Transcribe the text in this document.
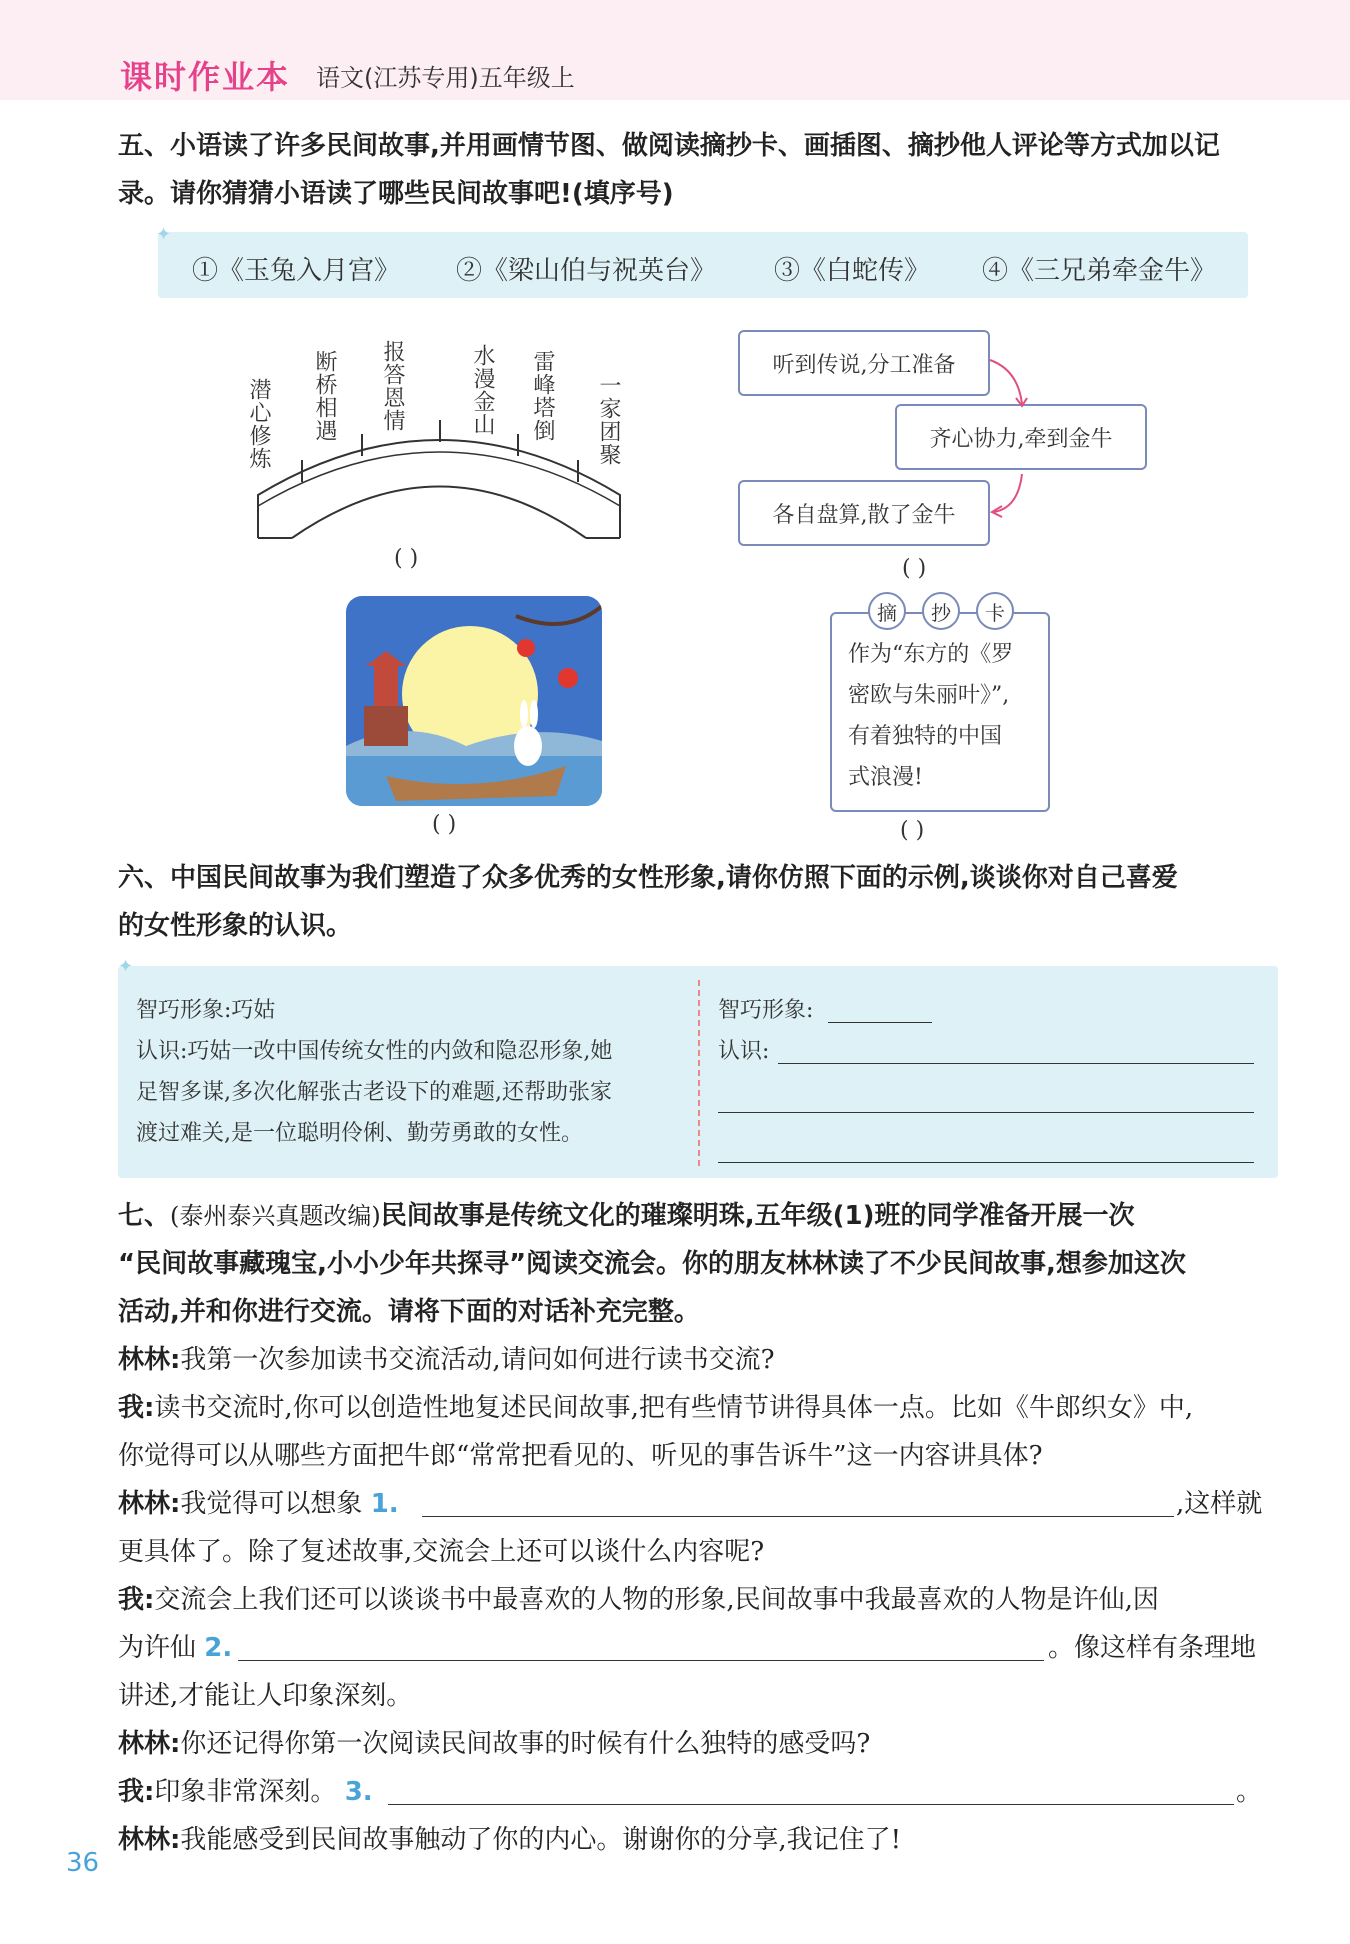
课时作业本 语文(江苏专用)五年级上
五、小语读了许多民间故事,并用画情节图、做阅读摘抄卡、画插图、摘抄他人评论等方式加以记
录。请你猜猜小语读了哪些民间故事吧!(填序号)
✦
①《玉兔入月宫》 ②《梁山伯与祝英台》 ③《白蛇传》 ④《三兄弟牵金牛》
潜心修炼 断桥相遇 报答恩情	水漫金山 雷峰塔倒 一家团聚
( )
听到传说,分工准备
齐心协力,牵到金牛
各自盘算,散了金牛
( )
( )
摘	抄	卡
作为“东方的《罗
密欧与朱丽叶》”,
有着独特的中国
式浪漫!
( )
六、中国民间故事为我们塑造了众多优秀的女性形象,请你仿照下面的示例,谈谈你对自己喜爱
的女性形象的认识。
✦
智巧形象:巧姑
认识:巧姑一改中国传统女性的内敛和隐忍形象,她
足智多谋,多次化解张古老设下的难题,还帮助张家
渡过难关,是一位聪明伶俐、勤劳勇敢的女性。
智巧形象:
认识:
七、(泰州泰兴真题改编)民间故事是传统文化的璀璨明珠,五年级(1)班的同学准备开展一次
“民间故事藏瑰宝,小小少年共探寻”阅读交流会。你的朋友林林读了不少民间故事,想参加这次
活动,并和你进行交流。请将下面的对话补充完整。
林林:我第一次参加读书交流活动,请问如何进行读书交流?
我:读书交流时,你可以创造性地复述民间故事,把有些情节讲得具体一点。比如《牛郎织女》中,
你觉得可以从哪些方面把牛郎“常常把看见的、听见的事告诉牛”这一内容讲具体?
林林:我觉得可以想象 1.	,这样就
更具体了。除了复述故事,交流会上还可以谈什么内容呢?
我:交流会上我们还可以谈谈书中最喜欢的人物的形象,民间故事中我最喜欢的人物是许仙,因
为许仙 2.	。像这样有条理地
讲述,才能让人印象深刻。
林林:你还记得你第一次阅读民间故事的时候有什么独特的感受吗?
我:印象非常深刻。 3.	。
林林:我能感受到民间故事触动了你的内心。谢谢你的分享,我记住了!
36
